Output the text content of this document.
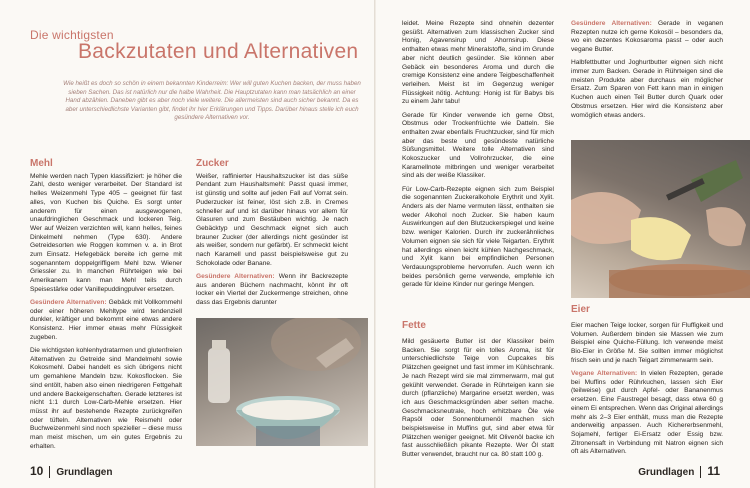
Die wichtigsten
Backzutaten und Alternativen

Wie heißt es doch so schön in einem bekannten Kinderreim: Wer will guten Kuchen backen, der muss haben sieben Sachen. Das ist natürlich nur die halbe Wahrheit. Die Hauptzutaten kann man tatsächlich an einer Hand abzählen. Daneben gibt es aber noch viele weitere. Die allermeisten sind auch sicher bekannt. Da es aber unterschiedlichste Varianten gibt, findet ihr hier Erklärungen und Tipps. Darüber hinaus stelle ich euch gesündere Alternativen vor.

Mehl

Mehle werden nach Typen klassifiziert: je höher die Zahl, desto weniger verarbeitet. Der Standard ist helles Weizenmehl Type 405 – geeignet für fast alles, von Kuchen bis Quiche. Es sorgt unter anderem für einen ausgewogenen, unaufdringlichen Geschmack und lockeren Teig. Wer auf Weizen verzichten will, kann helles, feines Dinkelmehl nehmen (Type 630). Andere Getreidesorten wie Roggen kommen v. a. in Brot zum Einsatz. Hefegebäck bereite ich gerne mit sogenanntem doppelgriffigem Mehl bzw. Wiener Griessler zu. In manchen Rührteigen wie bei Amerikanern kann man Mehl teils durch Speisestärke oder Vanillepuddingpulver ersetzen.

Gesündere Alternativen: Gebäck mit Vollkornmehl oder einer höheren Mehltype wird tendenziell dunkler, kräftiger und bekommt eine etwas andere Konsistenz. Hier immer etwas mehr Flüssigkeit zugeben.

Die wichtigsten kohlenhydratarmen und glutenfreien Alternativen zu Getreide sind Mandelmehl sowie Kokosmehl. Dabei handelt es sich übrigens nicht um gemahlene Mandeln bzw. Kokosflocken. Sie sind entölt, haben also einen niedrigeren Fettgehalt und andere Backeigenschaften. Gerade letzteres ist nicht 1:1 durch Low-Carb-Mehle ersetzen. Hier müsst ihr auf bestehende Rezepte zurückgreifen oder tüfteln. Alternativen wie Reismehl oder Buchweizenmehl sind noch spezieller – diese muss man meist mischen, um ein gutes Ergebnis zu erhalten.

Zucker

Weißer, raffinierter Haushaltszucker ist das süße Pendant zum Haushaltsmehl: Passt quasi immer, ist günstig und sollte auf jeden Fall auf Vorrat sein. Puderzucker ist feiner, löst sich z.B. in Cremes schneller auf und ist darüber hinaus vor allem für Glasuren und zum Bestäuben wichtig. Je nach Gebäcktyp und Geschmack eignet sich auch brauner Zucker (der allerdings nicht gesünder ist als weißer, sondern nur gefärbt). Er schmeckt leicht nach Karamell und passt beispielsweise gut zu Schokolade oder Banane.

Gesündere Alternativen: Wenn ihr Backrezepte aus anderen Büchern nachmacht, könnt ihr oft locker ein Viertel der Zuckermenge streichen, ohne dass das Ergebnis darunter

leidet. Meine Rezepte sind ohnehin dezenter gesüßt. Alternativen zum klassischen Zucker sind Honig, Agavensirup und Ahornsirup. Diese enthalten etwas mehr Mineralstoffe, sind im Grunde aber nicht deutlich gesünder. Sie können aber Gebäck ein besonderes Aroma und durch die cremige Konsistenz eine andere Teigbeschaffenheit verleihen. Meist ist im Gegenzug weniger Flüssigkeit nötig. Achtung: Honig ist für Babys bis zu einem Jahr tabu!

Gerade für Kinder verwende ich gerne Obst, Obstmus oder Trockenfrüchte wie Datteln. Sie enthalten zwar ebenfalls Fruchtzucker, sind für mich aber das beste und gesündeste natürliche Süßungsmittel. Weitere tolle Alternativen sind Kokoszucker und Vollrohrzucker, die eine Karamellnote mitbringen und weniger verarbeitet sind als der weiße Klassiker.

Für Low-Carb-Rezepte eignen sich zum Beispiel die sogenannten Zuckeralkohole Erythrit und Xylit. Anders als der Name vermuten lässt, enthalten sie weder Alkohol noch Zucker. Sie haben kaum Auswirkungen auf den Blutzuckerspiegel und keine bzw. weniger Kalorien. Durch ihr zuckerähnliches Volumen eignen sie sich für viele Teigarten. Erythrit hat allerdings einen leicht kühlen Nachgeschmack, und Xylit kann bei empfindlichen Personen Verdauungsprobleme hervorrufen. Auch wenn ich beides persönlich gerne verwende, empfehle ich gerade für kleine Kinder nur geringe Mengen.

Fette

Mild gesäuerte Butter ist der Klassiker beim Backen. Sie sorgt für ein tolles Aroma, ist für unterschiedlichste Teige von Cupcakes bis Plätzchen geeignet und fast immer im Kühlschrank. Je nach Rezept wird sie mal zimmerwarm, mal gut gekühlt verwendet. Gerade in Rührteigen kann sie durch (pflanzliche) Margarine ersetzt werden, was ich aus Geschmacksgründen aber selten mache. Geschmacksneutrale, hoch erhitzbare Öle wie Rapsöl oder Sonnenblumenöl machen sich beispielsweise in Muffins gut, sind aber etwa für Plätzchen weniger geeignet. Mit Olivenöl backe ich fast ausschließlich pikante Rezepte. Wer Öl statt Butter verwendet, braucht nur ca. 80 statt 100 g.

Gesündere Alternativen: Gerade in veganen Rezepten nutze ich gerne Kokosöl – besonders da, wo ein dezentes Kokosaroma passt – oder auch vegane Butter.

Halbfettbutter und Joghurtbutter eignen sich nicht immer zum Backen. Gerade in Rührteigen sind die meisten Produkte aber durchaus ein möglicher Ersatz. Zum Sparen von Fett kann man in einigen Kuchen auch einen Teil Butter durch Quark oder Obstmus ersetzen. Hier wird die Konsistenz aber womöglich etwas anders.

Eier

Eier machen Teige locker, sorgen für Fluffigkeit und Volumen. Außerdem binden sie Massen wie zum Beispiel eine Quiche-Füllung. Ich verwende meist Bio-Eier in Größe M. Sie sollten immer möglichst frisch sein und je nach Teigart zimmerwarm sein.

Vegane Alternativen: In vielen Rezepten, gerade bei Muffins oder Rührkuchen, lassen sich Eier (teilweise) gut durch Apfel- oder Bananenmus ersetzen. Eine Faustregel besagt, dass etwa 60 g einem Ei entsprechen. Wenn das Original allerdings mehr als 2–3 Eier enthält, muss man die Rezepte anderweitig anpassen. Auch Kichererbsenmehl, Sojamehl, fertiger Ei-Ersatz oder Essig bzw. Zitronensaft in Verbindung mit Natron eignen sich oft als Alternativen.

10 Grundlagen	Grundlagen 11
